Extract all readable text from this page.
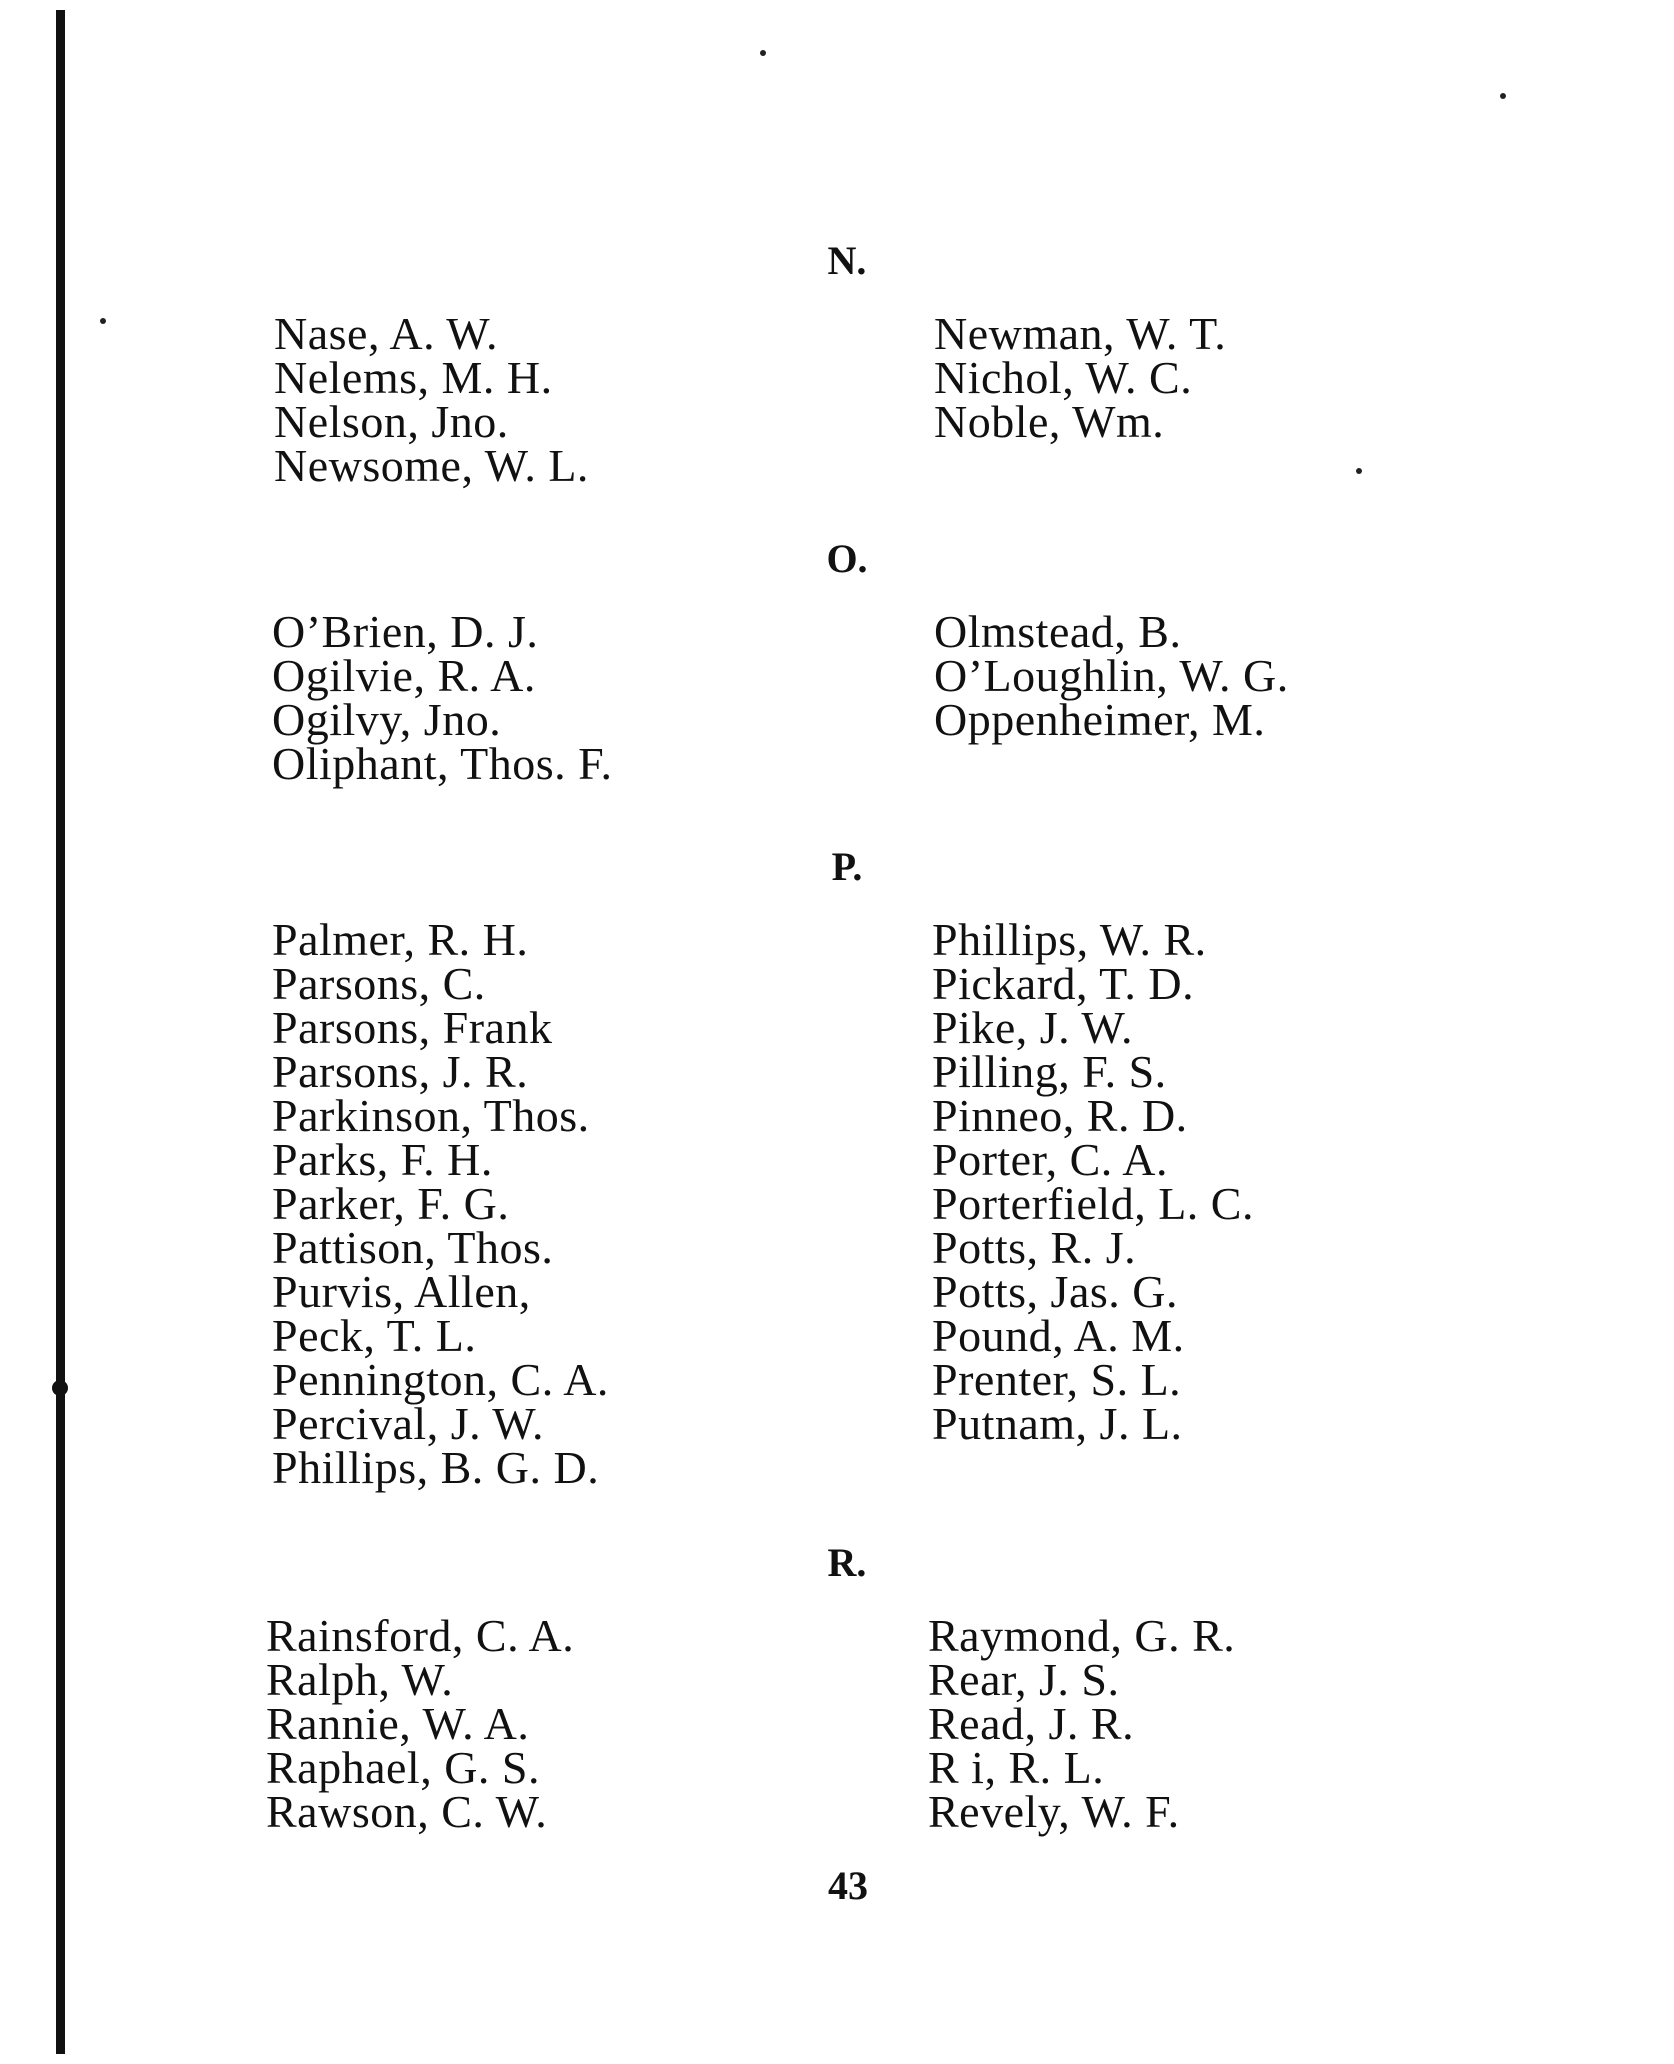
N.
Nase, A. W.
Nelems, M. H.
Nelson, Jno.
Newsome, W. L.
Newman, W. T.
Nichol, W. C.
Noble, Wm.
O.
O’Brien, D. J.
Ogilvie, R. A.
Ogilvy, Jno.
Oliphant, Thos. F.
Olmstead, B.
O’Loughlin, W. G.
Oppenheimer, M.
P.
Palmer, R. H.
Parsons, C.
Parsons, Frank
Parsons, J. R.
Parkinson, Thos.
Parks, F. H.
Parker, F. G.
Pattison, Thos.
Purvis, Allen,
Peck, T. L.
Pennington, C. A.
Percival, J. W.
Phillips, B. G. D.
Phillips, W. R.
Pickard, T. D.
Pike, J. W.
Pilling, F. S.
Pinneo, R. D.
Porter, C. A.
Porterfield, L. C.
Potts, R. J.
Potts, Jas. G.
Pound, A. M.
Prenter, S. L.
Putnam, J. L.
R.
Rainsford, C. A.
Ralph, W.
Rannie, W. A.
Raphael, G. S.
Rawson, C. W.
Raymond, G. R.
Rear, J. S.
Read, J. R.
R i, R. L.
Revely, W. F.
43
